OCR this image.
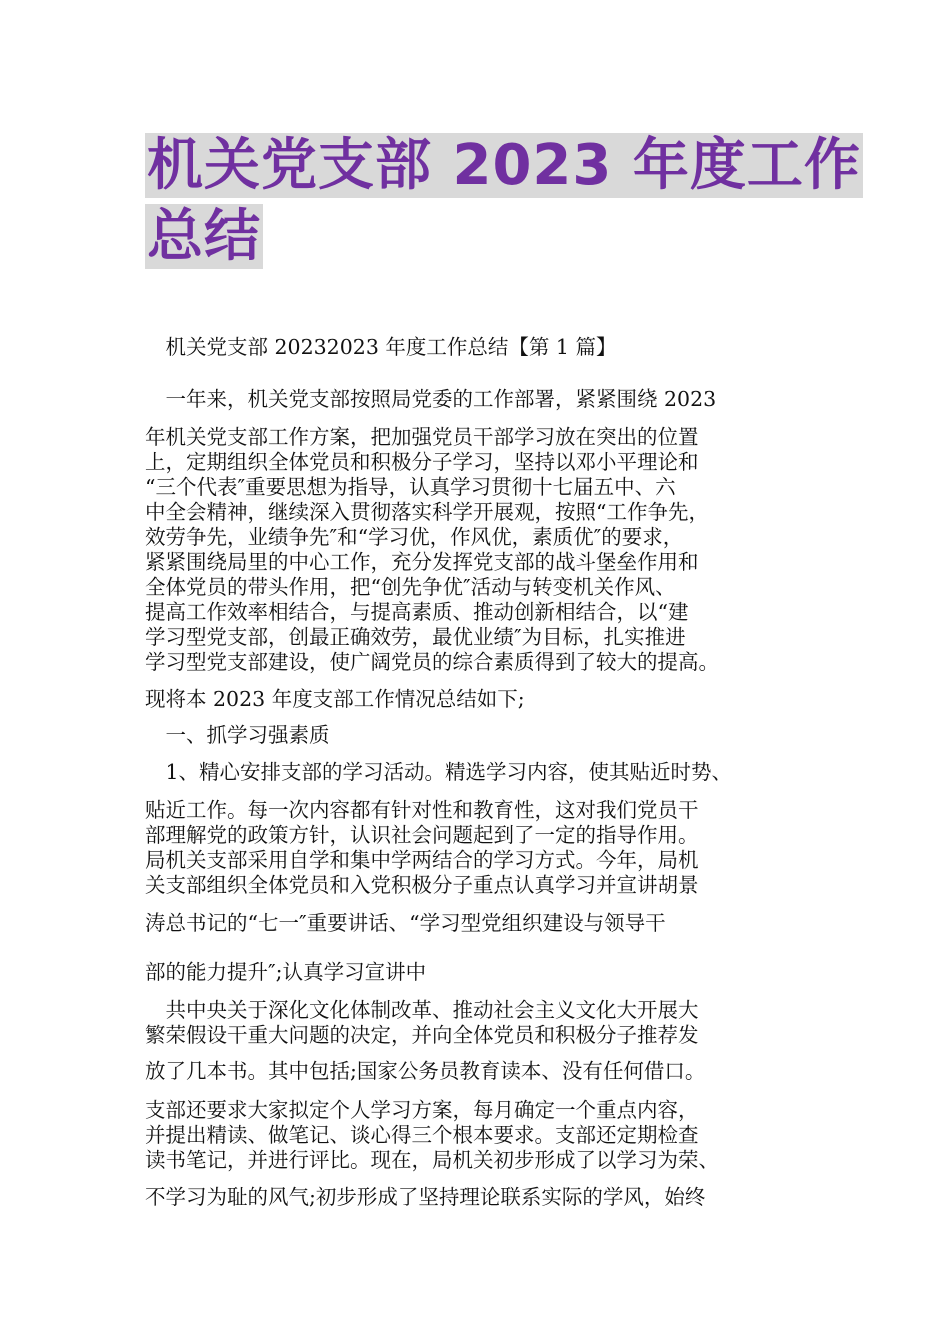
机关党支部 2023 年度工作
总结

　机关党支部 20232023 年度工作总结【第 1 篇】

　一年来，机关党支部按照局党委的工作部署，紧紧围绕 2023

年机关党支部工作方案，把加强党员干部学习放在突出的位置

上，定期组织全体党员和积极分子学习，坚持以邓小平理论和

“三个代表″重要思想为指导，认真学习贯彻十七届五中、六

中全会精神，继续深入贯彻落实科学开展观，按照“工作争先，

效劳争先，业绩争先″和“学习优，作风优，素质优″的要求，

紧紧围绕局里的中心工作，充分发挥党支部的战斗堡垒作用和

全体党员的带头作用，把“创先争优″活动与转变机关作风、

提高工作效率相结合，与提高素质、推动创新相结合，以“建

学习型党支部，创最正确效劳，最优业绩″为目标，扎实推进

学习型党支部建设，使广阔党员的综合素质得到了较大的提高。

现将本 2023 年度支部工作情况总结如下;

　一、抓学习强素质

　1、精心安排支部的学习活动。精选学习内容，使其贴近时势、

贴近工作。每一次内容都有针对性和教育性，这对我们党员干

部理解党的政策方针，认识社会问题起到了一定的指导作用。

局机关支部采用自学和集中学两结合的学习方式。今年，局机

关支部组织全体党员和入党积极分子重点认真学习并宣讲胡景

涛总书记的“七一″重要讲话、“学习型党组织建设与领导干

部的能力提升″;认真学习宣讲中

　共中央关于深化文化体制改革、推动社会主义文化大开展大

繁荣假设干重大问题的决定，并向全体党员和积极分子推荐发

放了几本书。其中包括;国家公务员教育读本、没有任何借口。

支部还要求大家拟定个人学习方案，每月确定一个重点内容，

并提出精读、做笔记、谈心得三个根本要求。支部还定期检查

读书笔记，并进行评比。现在，局机关初步形成了以学习为荣、

不学习为耻的风气;初步形成了坚持理论联系实际的学风，始终
